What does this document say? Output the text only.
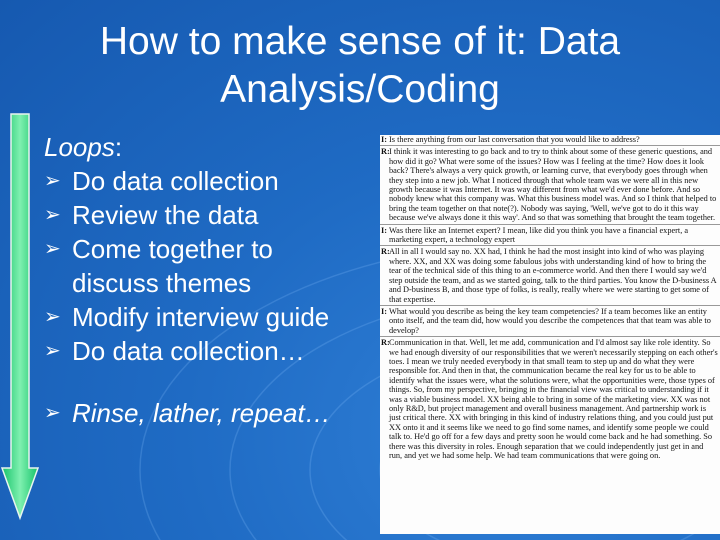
How to make sense of it: Data
Analysis/Coding
Loops:
➢ Do data collection
➢ Review the data
➢ Come together to
discuss themes
➢ Modify interview guide
➢ Do data collection…
➢ Rinse, lather, repeat…
I: Is there anything from our last conversation that you would like to address?
R: I think it was interesting to go back and to try to think about some of these generic questions, and how did it go? What were some of the issues? How was I feeling at the time? How does it look back? There's always a very quick growth, or learning curve, that everybody goes through when they step into a new job. What I noticed through that whole team was we were all in this new growth because it was Internet. It was way different from what we'd ever done before. And so nobody knew what this company was. What this business model was. And so I think that helped to bring the team together on that note(?). Nobody was saying, 'Well, we've got to do it this way because we've always done it this way'. And so that was something that brought the team together.
I: Was there like an Internet expert? I mean, like did you think you have a financial expert, a marketing expert, a technology expert
R: All in all I would say no. XX had, I think he had the most insight into kind of who was playing where. XX, and XX was doing some fabulous jobs with understanding kind of how to bring the tear of the technical side of this thing to an e-commerce world. And then there I would say we'd step outside the team, and as we started going, talk to the third parties. You know the D-business A and D-business B, and those type of folks, is really, really where we were starting to get some of that expertise.
I: What would you describe as being the key team competencies? If a team becomes like an entity onto itself, and the team did, how would you describe the competences that that team was able to develop?
R: Communication in that. Well, let me add, communication and I'd almost say like role identity. So we had enough diversity of our responsibilities that we weren't necessarily stepping on each other's toes. I mean we truly needed everybody in that small team to step up and do what they were responsible for. And then in that, the communication became the real key for us to be able to identify what the issues were, what the solutions were, what the opportunities were, those types of things. So, from my perspective, bringing in the financial view was critical to understanding if it was a viable business model. XX being able to bring in some of the marketing view. XX was not only R&D, but project management and overall business management. And partnership work is just critical there. XX with bringing in this kind of industry relations thing, and you could just put XX onto it and it seems like we need to go find some names, and identify some people we could talk to. He'd go off for a few days and pretty soon he would come back and he had something. So there was this diversity in roles. Enough separation that we could independently just get in and run, and yet we had some help. We had team communications that were going on.
